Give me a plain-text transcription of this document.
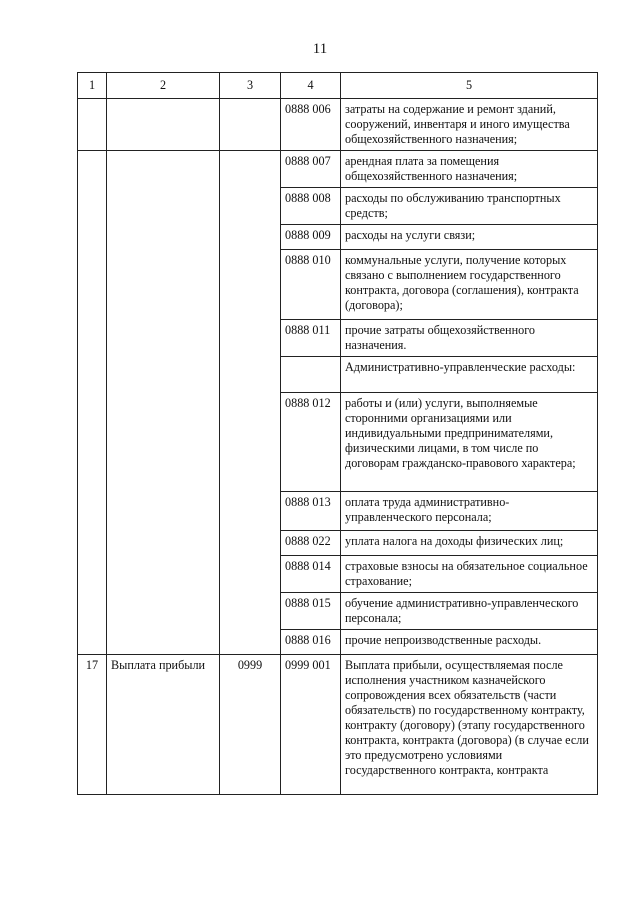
11
1	2	3	4	5
			0888 006	затраты на содержание и ремонт зданий, сооружений, инвентаря и иного имущества общехозяйственного назначения;
			0888 007	арендная плата за помещения общехозяйственного назначения;
			0888 008	расходы по обслуживанию транспортных средств;
			0888 009	расходы на услуги связи;
			0888 010	коммунальные услуги, получение которых связано с выполнением государственного контракта, договора (соглашения), контракта (договора);
			0888 011	прочие затраты общехозяйственного назначения.
				Административно-управленческие расходы:
			0888 012	работы и (или) услуги, выполняемые сторонними организациями или индивидуальными предпринимателями, физическими лицами, в том числе по договорам гражданско-правового характера;
			0888 013	оплата труда административно-управленческого персонала;
			0888 022	уплата налога на доходы физических лиц;
			0888 014	страховые взносы на обязательное социальное страхование;
			0888 015	обучение административно-управленческого персонала;
			0888 016	прочие непроизводственные расходы.
17	Выплата прибыли	0999	0999 001	Выплата прибыли, осуществляемая после исполнения участником казначейского сопровождения всех обязательств (части обязательств) по государственному контракту, контракту (договору) (этапу государственного контракта, контракта (договора) (в случае если это предусмотрено условиями государственного контракта, контракта
